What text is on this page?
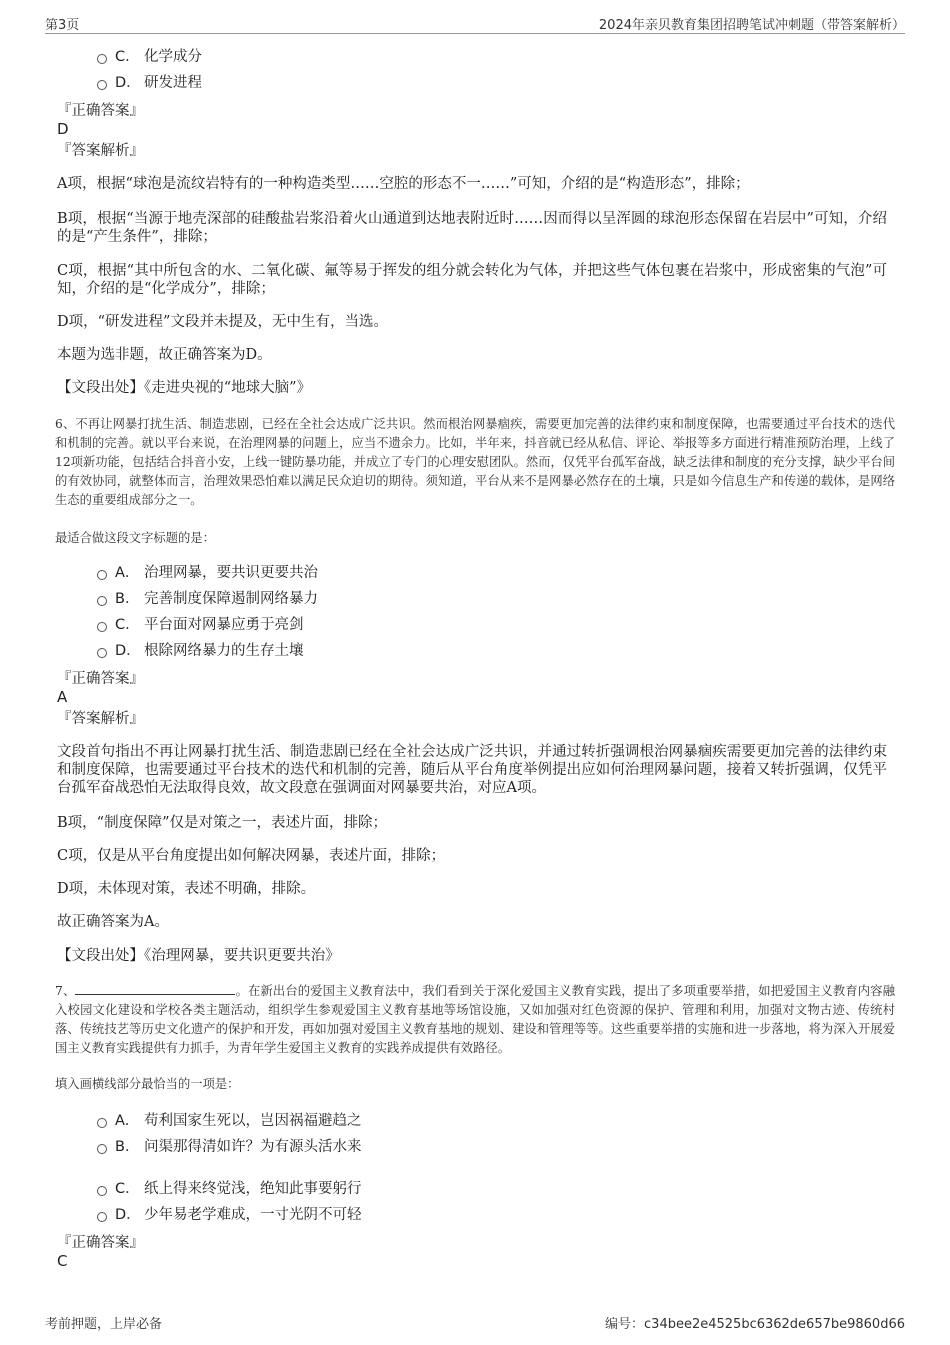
第3页	2024年亲贝教育集团招聘笔试冲刺题（带答案解析）
C． 化学成分
D． 研发进程
『正确答案』
D
『答案解析』
A项，根据“球泡是流纹岩特有的一种构造类型……空腔的形态不一……”可知，介绍的是“构造形态”，排除；
B项，根据“当源于地壳深部的硅酸盐岩浆沿着火山通道到达地表附近时……因而得以呈浑圆的球泡形态保留在岩层中”可知，介绍的是“产生条件”，排除；
C项，根据“其中所包含的水、二氧化碳、氟等易于挥发的组分就会转化为气体，并把这些气体包裹在岩浆中，形成密集的气泡”可知，介绍的是“化学成分”，排除；
D项，“研发进程”文段并未提及，无中生有，当选。
本题为选非题，故正确答案为D。
【文段出处】《走进央视的“地球大脑”》
6、不再让网暴打扰生活、制造悲剧，已经在全社会达成广泛共识。然而根治网暴痼疾，需要更加完善的法律约束和制度保障，也需要通过平台技术的迭代和机制的完善。就以平台来说，在治理网暴的问题上，应当不遗余力。比如，半年来，抖音就已经从私信、评论、举报等多方面进行精准预防治理，上线了12项新功能，包括结合抖音小安，上线一键防暴功能，并成立了专门的心理安慰团队。然而，仅凭平台孤军奋战，缺乏法律和制度的充分支撑，缺少平台间的有效协同，就整体而言，治理效果恐怕难以满足民众迫切的期待。须知道，平台从来不是网暴必然存在的土壤，只是如今信息生产和传递的载体，是网络生态的重要组成部分之一。
最适合做这段文字标题的是：
A． 治理网暴，要共识更要共治
B． 完善制度保障遏制网络暴力
C． 平台面对网暴应勇于亮剑
D． 根除网络暴力的生存土壤
『正确答案』
A
『答案解析』
文段首句指出不再让网暴打扰生活、制造悲剧已经在全社会达成广泛共识，并通过转折强调根治网暴痼疾需要更加完善的法律约束和制度保障，也需要通过平台技术的迭代和机制的完善，随后从平台角度举例提出应如何治理网暴问题，接着又转折强调，仅凭平台孤军奋战恐怕无法取得良效，故文段意在强调面对网暴要共治，对应A项。
B项，“制度保障”仅是对策之一，表述片面，排除；
C项，仅是从平台角度提出如何解决网暴，表述片面，排除；
D项，未体现对策，表述不明确，排除。
故正确答案为A。
【文段出处】《治理网暴，要共识更要共治》
7、	。在新出台的爱国主义教育法中，我们看到关于深化爱国主义教育实践，提出了多项重要举措，如把爱国主义教育内容融入校园文化建设和学校各类主题活动，组织学生参观爱国主义教育基地等场馆设施，又如加强对红色资源的保护、管理和利用，加强对文物古迹、传统村落、传统技艺等历史文化遗产的保护和开发，再如加强对爱国主义教育基地的规划、建设和管理等等。这些重要举措的实施和进一步落地，将为深入开展爱国主义教育实践提供有力抓手，为青年学生爱国主义教育的实践养成提供有效路径。
填入画横线部分最恰当的一项是：
A． 苟利国家生死以，岂因祸福避趋之
B． 问渠那得清如许？为有源头活水来
C． 纸上得来终觉浅，绝知此事要躬行
D． 少年易老学难成，一寸光阴不可轻
『正确答案』
C
考前押题，上岸必备	编号：c34bee2e4525bc6362de657be9860d66
